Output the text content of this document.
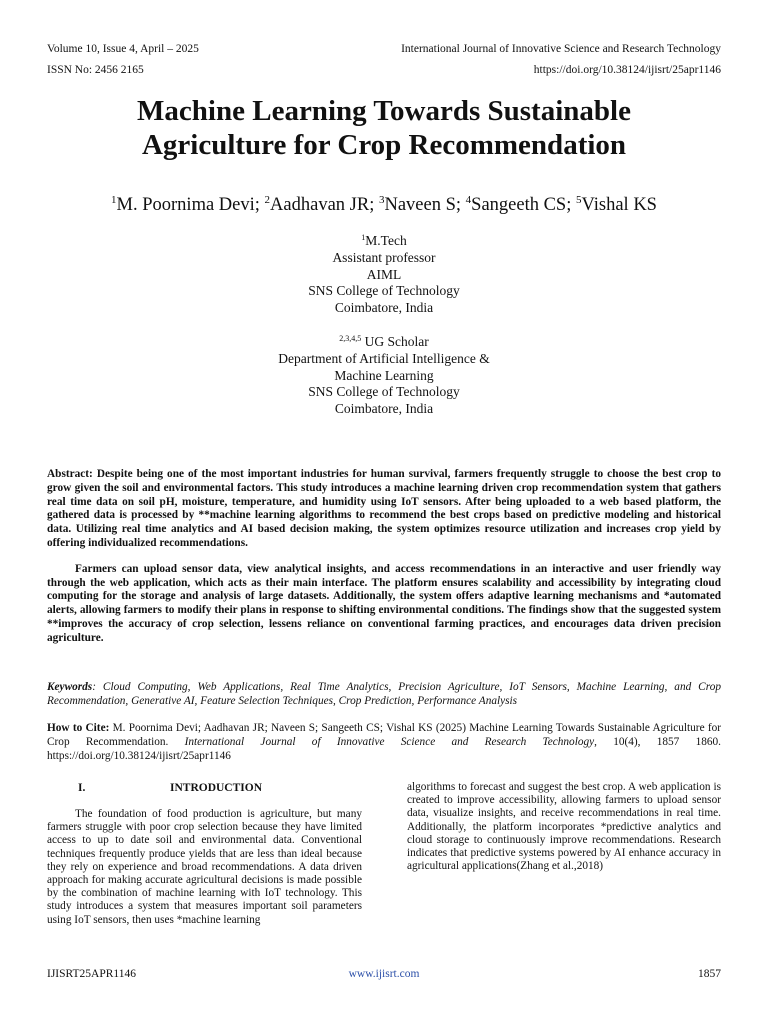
Volume 10, Issue 4, April – 2025
ISSN No: 2456 2165
International Journal of Innovative Science and Research Technology
https://doi.org/10.38124/ijisrt/25apr1146
Machine Learning Towards Sustainable
Agriculture for Crop Recommendation
$^1$M. Poornima Devi; $^2$Aadhavan JR; $^3$Naveen S; $^4$Sangeeth CS; $^5$Vishal KS
$^1$M.Tech
Assistant professor
AIML
SNS College of Technology
Coimbatore, India
$^{2,3,4,5}$ UG Scholar
Department of Artificial Intelligence &
Machine Learning
SNS College of Technology
Coimbatore, India

Abstract: Despite being one of the most important industries for human survival, farmers frequently struggle to choose the best crop to grow given the soil and environmental factors. This study introduces a machine learning driven crop recommendation system that gathers real time data on soil pH, moisture, temperature, and humidity using IoT sensors. After being uploaded to a web based platform, the gathered data is processed by **machine learning algorithms to recommend the best crops based on predictive modeling and historical data. Utilizing real time analytics and AI based decision making, the system optimizes resource utilization and increases crop yield by offering individualized recommendations.

Farmers can upload sensor data, view analytical insights, and access recommendations in an interactive and user friendly way through the web application, which acts as their main interface. The platform ensures scalability and accessibility by integrating cloud computing for the storage and analysis of large datasets. Additionally, the system offers adaptive learning mechanisms and *automated alerts, allowing farmers to modify their plans in response to shifting environmental conditions. The findings show that the suggested system **improves the accuracy of crop selection, lessens reliance on conventional farming practices, and encourages data driven precision agriculture.

Keywords: Cloud Computing, Web Applications, Real Time Analytics, Precision Agriculture, IoT Sensors, Machine Learning, and Crop Recommendation, Generative AI, Feature Selection Techniques, Crop Prediction, Performance Analysis
How to Cite: M. Poornima Devi; Aadhavan JR; Naveen S; Sangeeth CS; Vishal KS (2025) Machine Learning Towards Sustainable Agriculture for Crop Recommendation. International Journal of Innovative Science and Research Technology, 10(4), 1857 1860. https://doi.org/10.38124/ijisrt/25apr1146
I.	INTRODUCTION
The foundation of food production is agriculture, but many farmers struggle with poor crop selection because they have limited access to up to date soil and environmental data. Conventional techniques frequently produce yields that are less than ideal because they rely on experience and broad recommendations. A data driven approach for making accurate agricultural decisions is made possible by the combination of machine learning with IoT technology. This study introduces a system that measures important soil parameters using IoT sensors, then uses *machine learning
algorithms to forecast and suggest the best crop. A web application is created to improve accessibility, allowing farmers to upload sensor data, visualize insights, and receive recommendations in real time. Additionally, the platform incorporates *predictive analytics and cloud storage to continuously improve recommendations. Research indicates that predictive systems powered by AI enhance accuracy in agricultural applications(Zhang et al.,2018)
IJISRT25APR1146	www.ijisrt.com	1857
